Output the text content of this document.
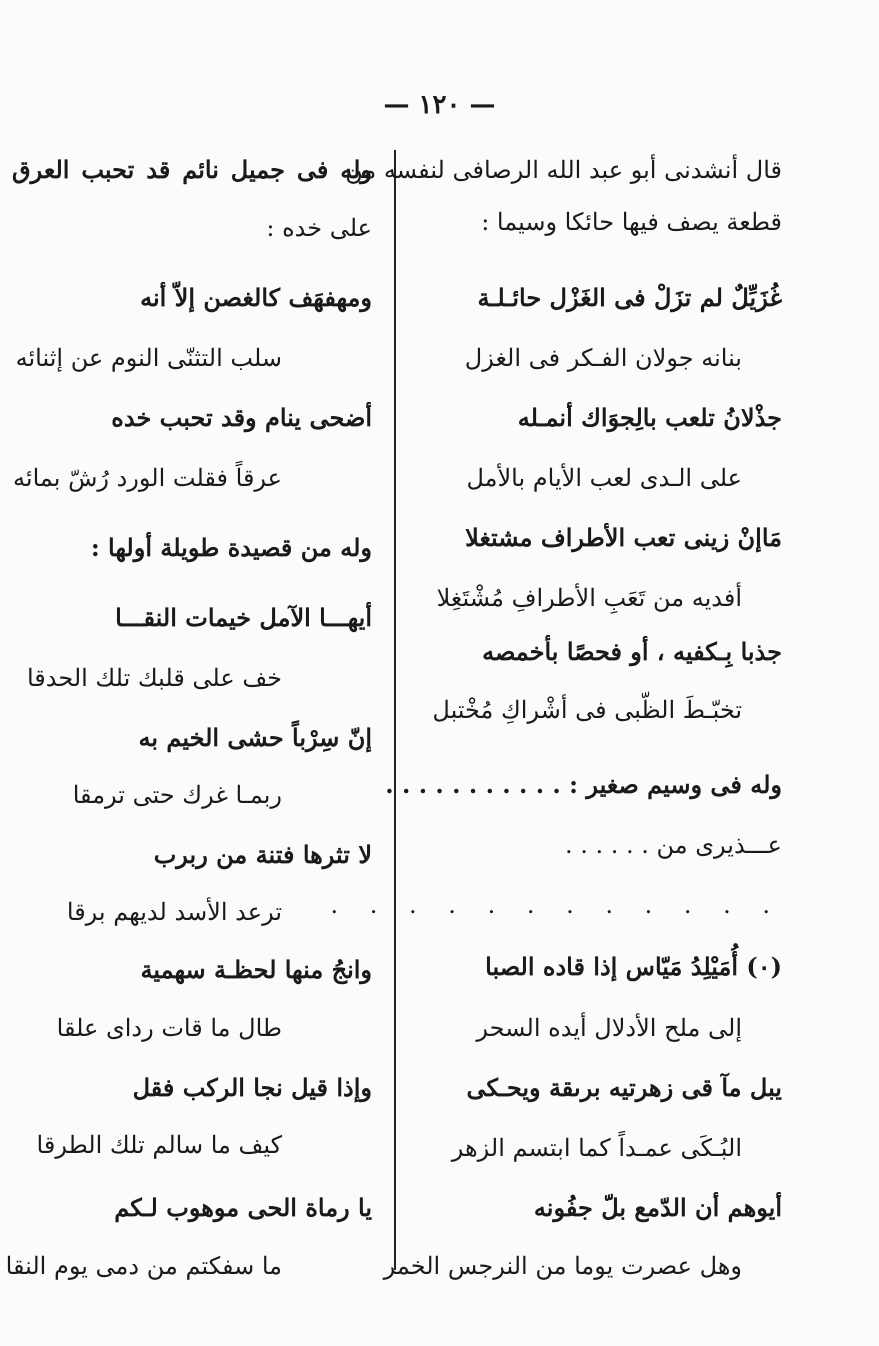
— ١٢٠ —
قال أنشدنى أبو عبد الله الرصافى لنفسه من
قطعة يصف فيها حائكا وسيما :
غُزَيِّلٌ لم تزَلْ فى الغَزْل حائـلـة
بنانه جولان الفـكر فى الغزل
جذْلانُ تلعب بالِجوَاك أنمـله
على الـدى لعب الأيام بالأمل
مَاإنْ زينى تعب الأطراف مشتغلا
أفديه من تَعَبِ الأطرافِ مُشْتَغِلا
جذبا بِـكفيه ، أو فحصًا بأخمصه
تخبّـطَ الظّبى فى أشْراكِ مُخْتبل
وله فى وسيم صغير : . . . . . . . . . . .
عـــذيرى من . . . . . .
. . . . . . . . . . . .
(٠) أُمَيْلِدُ مَيّاس إذا قاده الصبا
إلى ملح الأدلال أيده السحر
يبل مآ قى زهرتيه برىقة ويحـكى
البُـكَى عمـداً كما ابتسم الزهر
أيوهم أن الدّمع بلّ جفُونه
وهل عصرت يوما من النرجس الخمر
وله فى جميل نائم قد تحبب العرق
على خده :
ومهفهَف كالغصن إلاّ أنه
سلب التثنّى النوم عن إثنائه
أضحى ينام وقد تحبب خده
عرقاً فقلت الورد رُشّ بمائه
وله من قصيدة طويلة أولها :
أيهـــا الآمل خيمات النقـــا
خف على قلبك تلك الحدقا
إنّ سِرْباً حشى الخيم به
ربمـا غرك حتى ترمقا
لا تثرها فتنة من ربرب
ترعد الأسد لديهم برقا
وانجُ منها لحظـة سهمية
طال ما قات رداى علقا
وإذا قيل نجا الركب فقل
كيف ما سالم تلك الطرقا
يا رماة الحى موهوب لـكم
ما سفكتم من دمى يوم النقا
